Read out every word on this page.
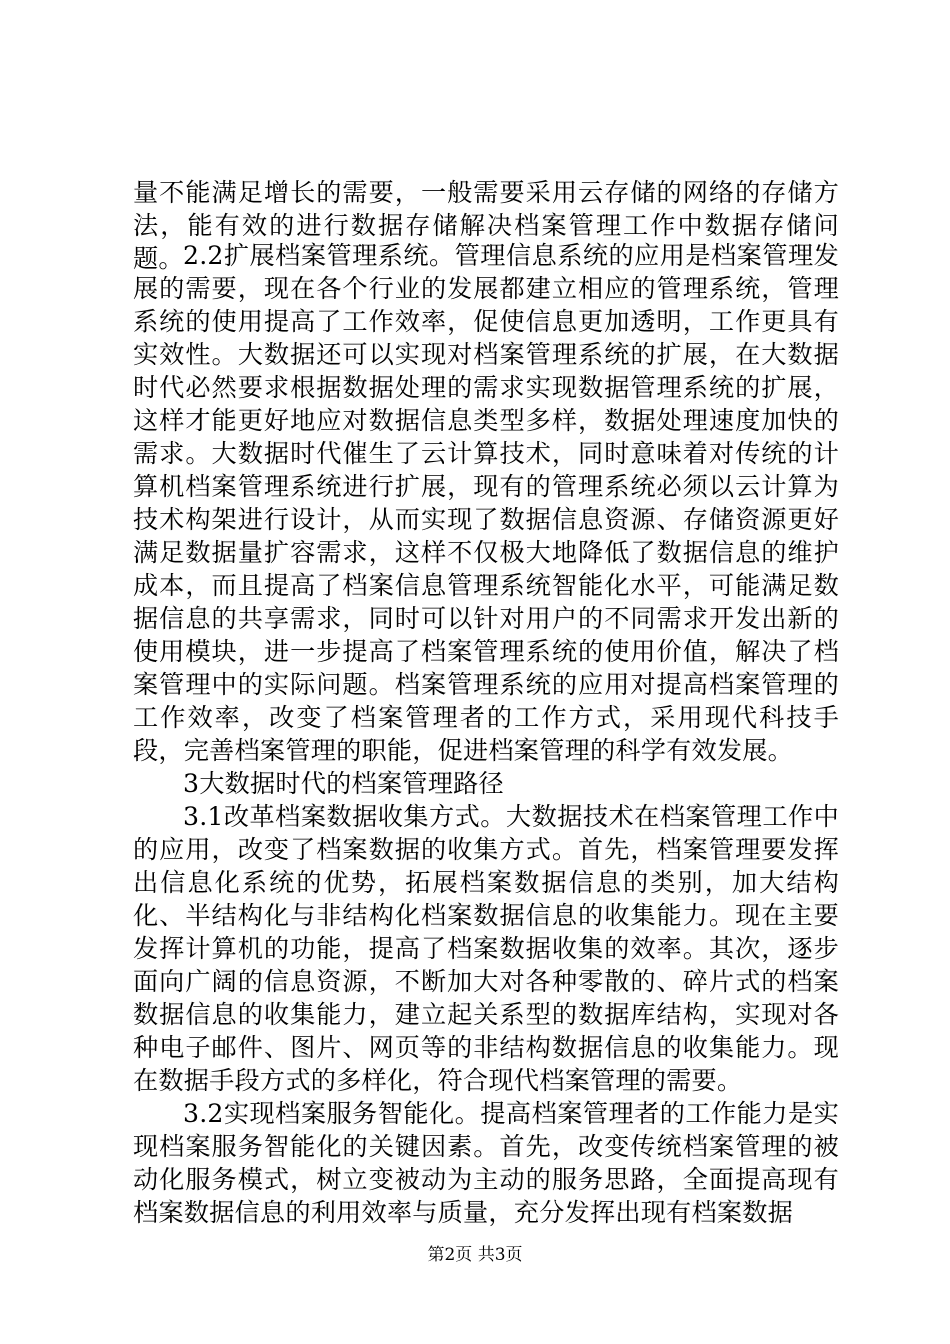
量不能满足增长的需要，一般需要采用云存储的网络的存储方法，能有效的进行数据存储解决档案管理工作中数据存储问题。 2.2扩展档案管理系统。管理信息系统的应用是档案管理发展的需要，现在各个行业的发展都建立相应的管理系统，管理系统的使用提高了工作效率，促使信息更加透明，工作更具有实效性。大数据还可以实现对档案管理系统的扩展，在大数据时代必然要求根据数据处理的需求实现数据管理系统的扩展，这样才能更好地应对数据信息类型多样，数据处理速度加快的需求。大数据时代催生了云计算技术，同时意味着对传统的计算机档案管理系统进行扩展，现有的管理系统必须以云计算为技术构架进行设计，从而实现了数据信息资源、存储资源更好满足数据量扩容需求，这样不仅极大地降低了数据信息的维护成本，而且提高了档案信息管理系统智能化水平，可能满足数据信息的共享需求，同时可以针对用户的不同需求开发出新的使用模块，进一步提高了档案管理系统的使用价值，解决了档案管理中的实际问题。档案管理系统的应用对提高档案管理的工作效率，改变了档案管理者的工作方式，采用现代科技手段，完善档案管理的职能，促进档案管理的科学有效发展。

3大数据时代的档案管理路径

3.1改革档案数据收集方式。大数据技术在档案管理工作中的应用，改变了档案数据的收集方式。首先，档案管理要发挥出信息化系统的优势，拓展档案数据信息的类别，加大结构化、半结构化与非结构化档案数据信息的收集能力。现在主要发挥计算机的功能，提高了档案数据收集的效率。其次，逐步面向广阔的信息资源，不断加大对各种零散的、碎片式的档案数据信息的收集能力，建立起关系型的数据库结构，实现对各种电子邮件、图片、网页等的非结构数据信息的收集能力。现在数据手段方式的多样化，符合现代档案管理的需要。

3.2实现档案服务智能化。提高档案管理者的工作能力是实现档案服务智能化的关键因素。首先，改变传统档案管理的被动化服务模式，树立变被动为主动的服务思路，全面提高现有档案数据信息的利用效率与质量，充分发挥出现有档案数据

第2页 共3页
